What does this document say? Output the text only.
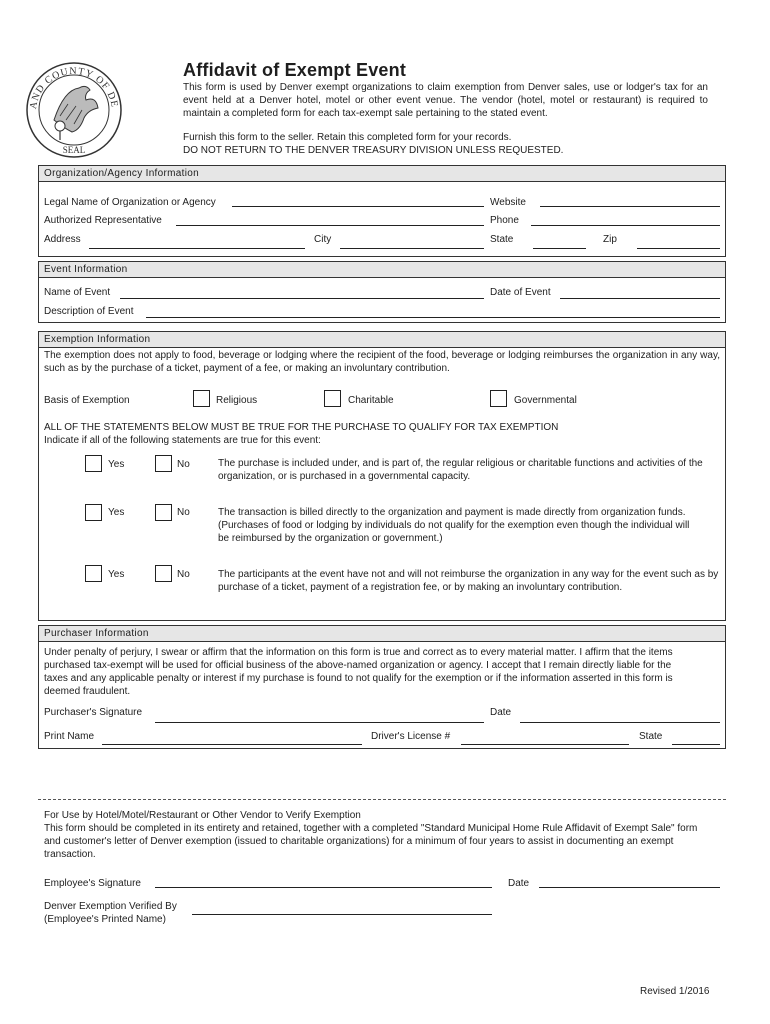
AND COUNTY OF DE
SEAL
Affidavit of Exempt Event
This form is used by Denver exempt organizations to claim exemption from Denver sales, use or lodger's tax for an event held at a Denver hotel, motel or other event venue. The vendor (hotel, motel or restaurant) is required to maintain a completed form for each tax-exempt sale pertaining to the stated event.
Furnish this form to the seller. Retain this completed form for your records.
DO NOT RETURN TO THE DENVER TREASURY DIVISION UNLESS REQUESTED.
Organization/Agency Information
Legal Name of Organization or Agency	Website
Authorized Representative	Phone
Address	City	State	Zip
Event Information
Name of Event	Date of Event
Description of Event
Exemption Information
The exemption does not apply to food, beverage or lodging where the recipient of the food, beverage or lodging reimburses the organization in any way, such as by the purchase of a ticket, payment of a fee, or making an involuntary contribution.
Basis of Exemption	Religious	Charitable	Governmental
ALL OF THE STATEMENTS BELOW MUST BE TRUE FOR THE PURCHASE TO QUALIFY FOR TAX EXEMPTION
Indicate if all of the following statements are true for this event:
Yes	No	The purchase is included under, and is part of, the regular religious or charitable functions and activities of the organization, or is purchased in a governmental capacity.
Yes	No	The transaction is billed directly to the organization and payment is made directly from organization funds. (Purchases of food or lodging by individuals do not qualify for the exemption even though the individual will be reimbursed by the organization or government.)
Yes	No	The participants at the event have not and will not reimburse the organization in any way for the event such as by purchase of a ticket, payment of a registration fee, or by making an involuntary contribution.
Purchaser Information
Under penalty of perjury, I swear or affirm that the information on this form is true and correct as to every material matter. I affirm that the items purchased tax-exempt will be used for official business of the above-named organization or agency. I accept that I remain directly liable for the taxes and any applicable penalty or interest if my purchase is found to not qualify for the exemption or if the information asserted in this form is deemed fraudulent.
Purchaser's Signature	Date
Print Name	Driver's License #	State
For Use by Hotel/Motel/Restaurant or Other Vendor to Verify Exemption
This form should be completed in its entirety and retained, together with a completed "Standard Municipal Home Rule Affidavit of Exempt Sale" form and customer's letter of Denver exemption (issued to charitable organizations) for a minimum of four years to assist in documenting an exempt transaction.
Employee's Signature	Date
Denver Exemption Verified By
(Employee's Printed Name)
Revised 1/2016
